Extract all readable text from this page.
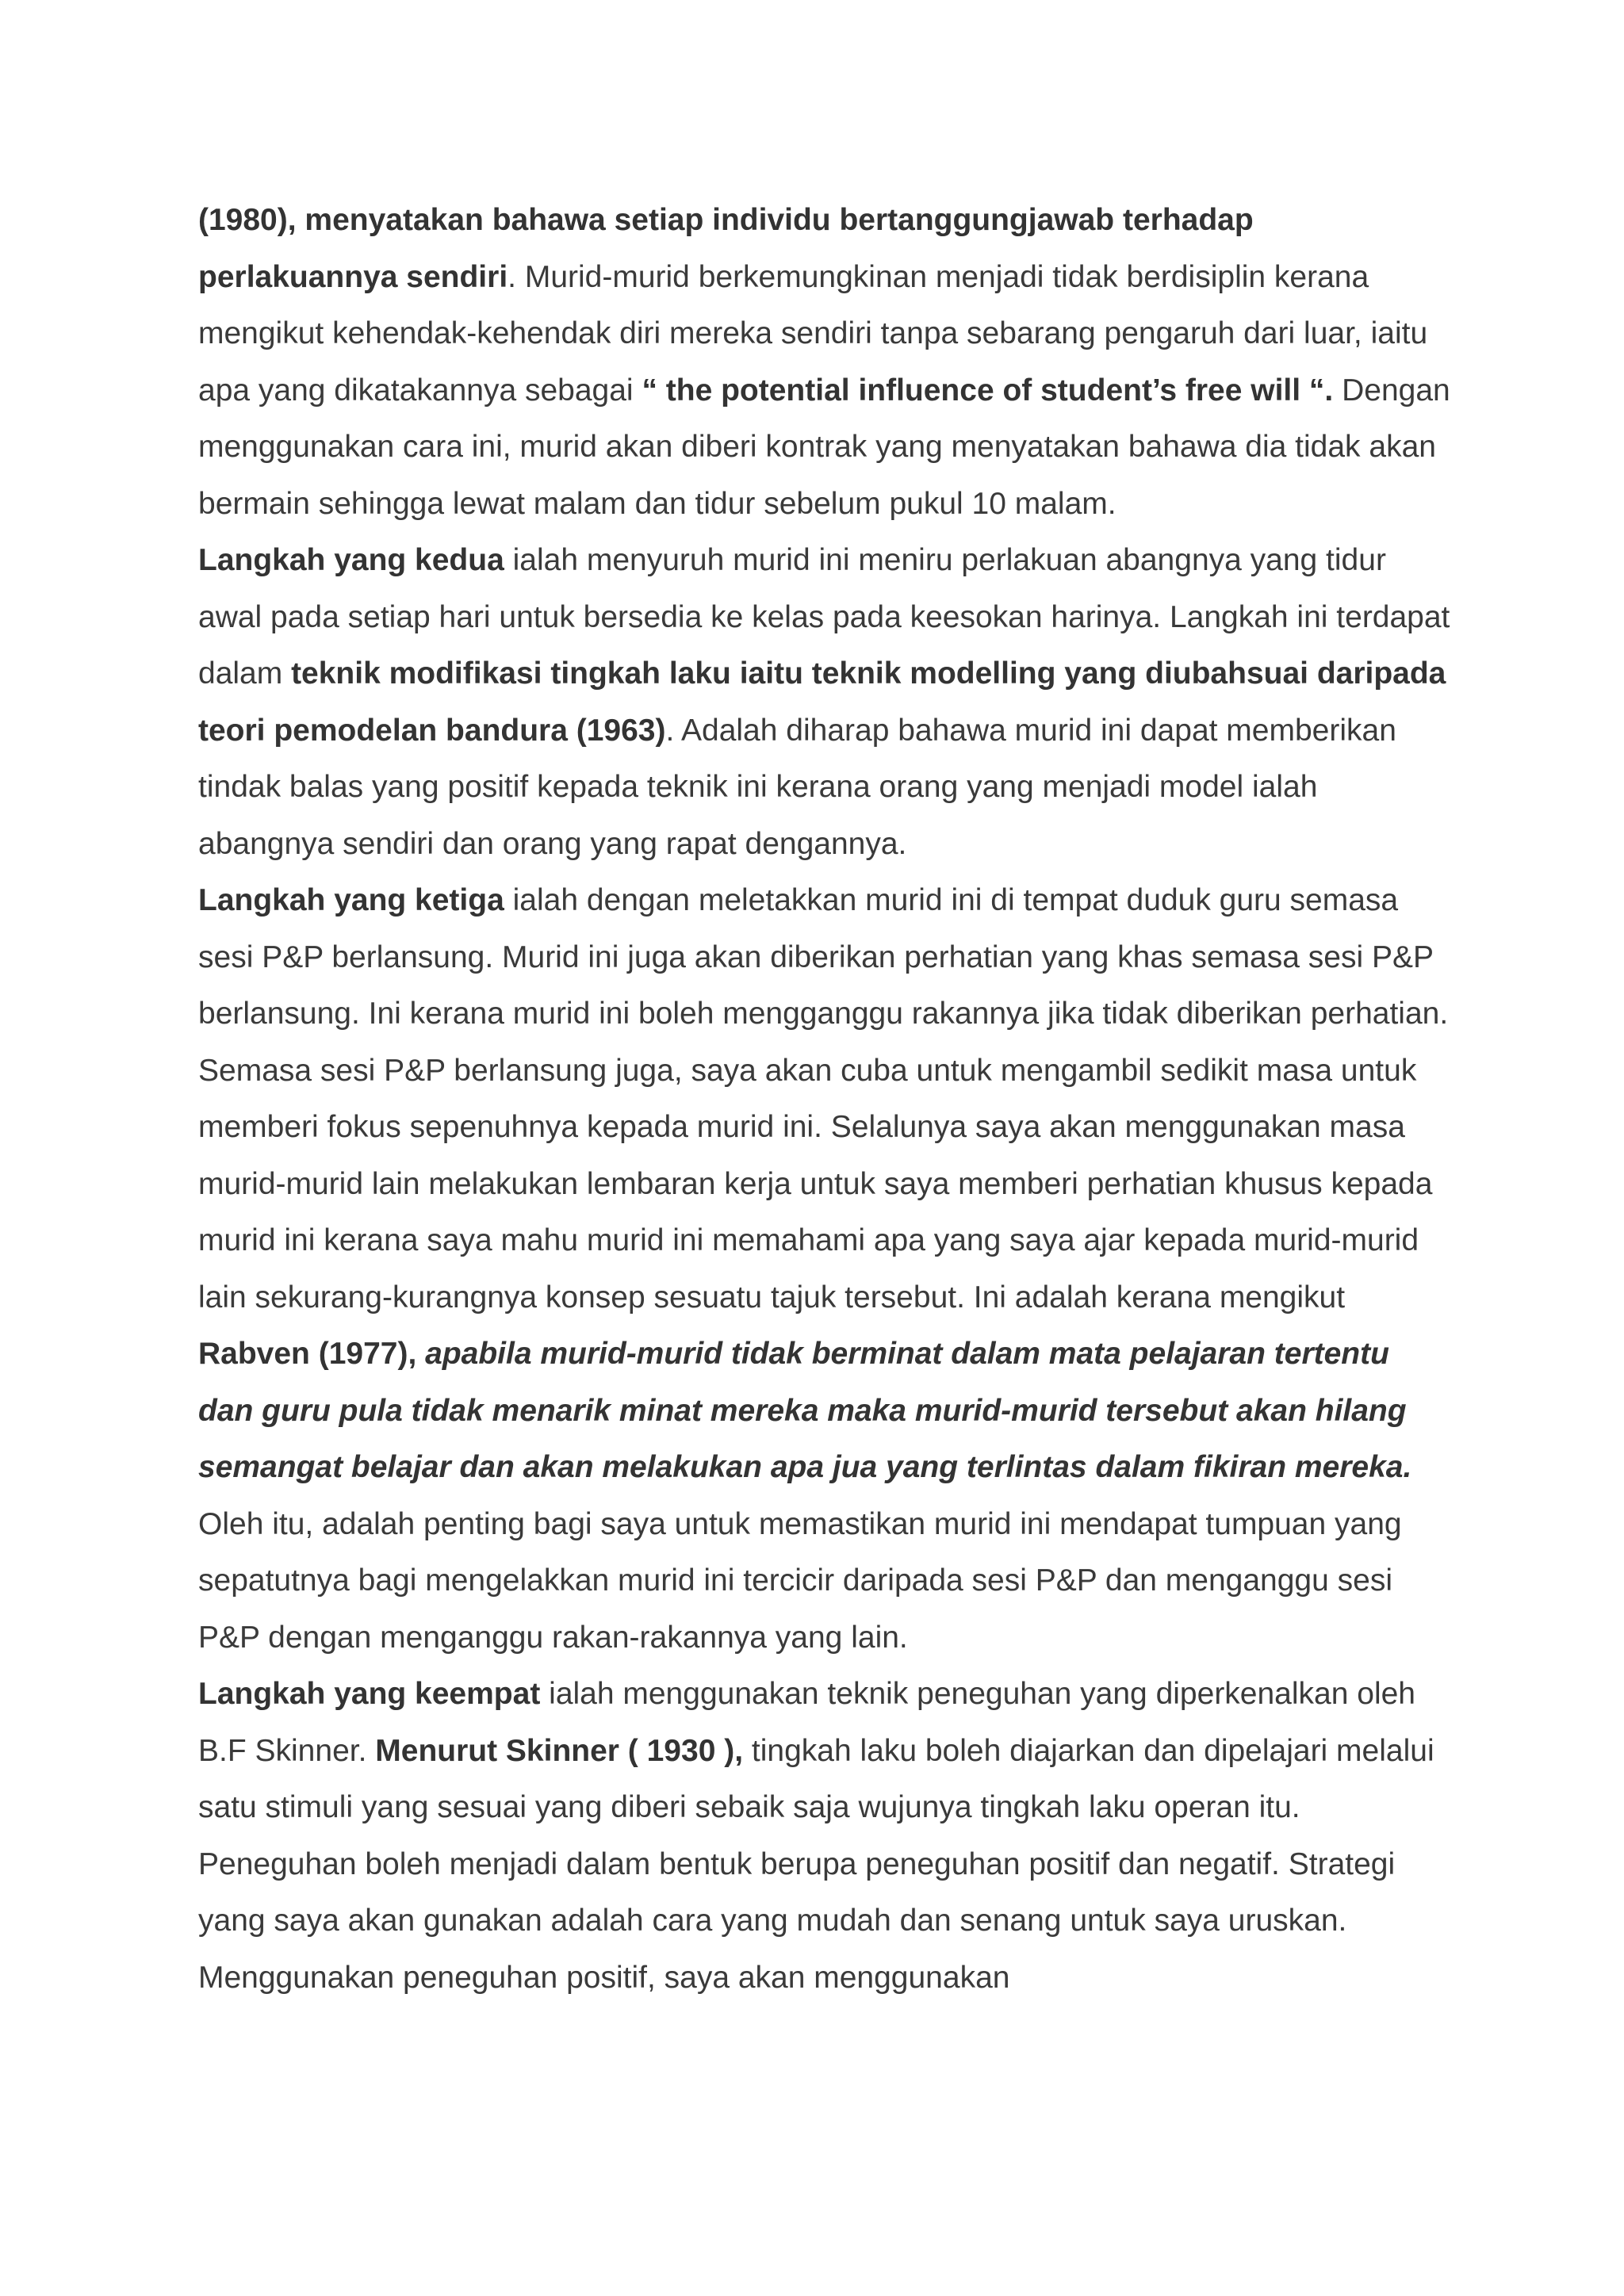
(1980), menyatakan bahawa setiap individu bertanggungjawab terhadap perlakuannya sendiri. Murid-murid berkemungkinan menjadi tidak berdisiplin kerana mengikut kehendak-kehendak diri mereka sendiri tanpa sebarang pengaruh dari luar, iaitu apa yang dikatakannya sebagai “ the potential influence of student’s free will “. Dengan menggunakan cara ini, murid akan diberi kontrak yang menyatakan bahawa dia tidak akan bermain sehingga lewat malam dan tidur sebelum pukul 10 malam.

Langkah yang kedua ialah menyuruh murid ini meniru perlakuan abangnya yang tidur awal pada setiap hari untuk bersedia ke kelas pada keesokan harinya. Langkah ini terdapat dalam teknik modifikasi tingkah laku iaitu teknik modelling yang diubahsuai daripada teori pemodelan bandura (1963). Adalah diharap bahawa murid ini dapat memberikan tindak balas yang positif kepada teknik ini kerana orang yang menjadi model ialah abangnya sendiri dan orang yang rapat dengannya.

Langkah yang ketiga ialah dengan meletakkan murid ini di tempat duduk guru semasa sesi P&P berlansung. Murid ini juga akan diberikan perhatian yang khas semasa sesi P&P berlansung. Ini kerana murid ini boleh mengganggu rakannya jika tidak diberikan perhatian. Semasa sesi P&P berlansung juga, saya akan cuba untuk mengambil sedikit masa untuk memberi fokus sepenuhnya kepada murid ini. Selalunya saya akan menggunakan masa murid-murid lain melakukan lembaran kerja untuk saya memberi perhatian khusus kepada murid ini kerana saya mahu murid ini memahami apa yang saya ajar kepada murid-murid lain sekurang-kurangnya konsep sesuatu tajuk tersebut. Ini adalah kerana mengikut Rabven (1977), apabila murid-murid tidak berminat dalam mata pelajaran tertentu dan guru pula tidak menarik minat mereka maka murid-murid tersebut akan hilang semangat belajar dan akan melakukan apa jua yang terlintas dalam fikiran mereka. Oleh itu, adalah penting bagi saya untuk memastikan murid ini mendapat tumpuan yang sepatutnya bagi mengelakkan murid ini tercicir daripada sesi P&P dan menganggu sesi P&P dengan menganggu rakan-rakannya yang lain.

Langkah yang keempat ialah menggunakan teknik peneguhan yang diperkenalkan oleh B.F Skinner. Menurut Skinner ( 1930 ), tingkah laku boleh diajarkan dan dipelajari melalui satu stimuli yang sesuai yang diberi sebaik saja wujunya tingkah laku operan itu. Peneguhan boleh menjadi dalam bentuk berupa peneguhan positif dan negatif. Strategi yang saya akan gunakan adalah cara yang mudah dan senang untuk saya uruskan. Menggunakan peneguhan positif, saya akan menggunakan
